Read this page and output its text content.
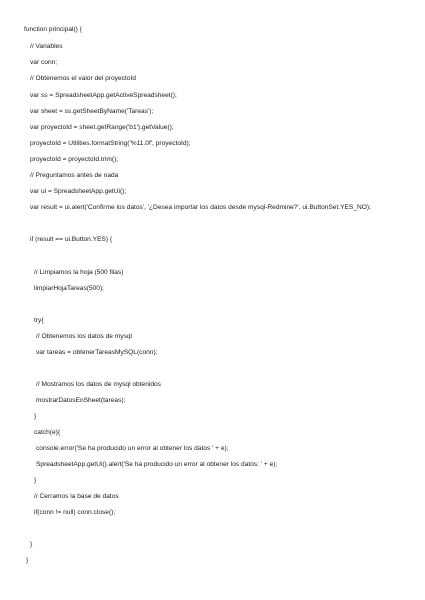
function principal() {
// Variables
var conn;
// Obtenemos el valor del proyectoId
var ss = SpreadsheetApp.getActiveSpreadsheet();
var sheet = ss.getSheetByName('Tareas');
var proyectoId = sheet.getRange('b1').getValue();
proyectoId = Utilities.formatString('%11.0f', proyectoId);
proyectoId = proyectoId.trim();
// Preguntamos antes de nada
var ui = SpreadsheetApp.getUi();
var result = ui.alert('Confirme los datos', '¿Desea importar los datos desde mysql-Redmine?', ui.ButtonSet.YES_NO);
if (result == ui.Button.YES) {
// Limpiamos la hoja (500 filas)
limpiarHojaTareas(500);
try{
// Obtenemos los datos de mysql
var tareas = obtenerTareasMySQL(conn);
// Mostramos los datos de mysql obtenidos
mostrarDatosEnSheet(tareas);
}
catch(e){
console.error('Se ha producido un error al obtener los datos ' + e);
SpreadsheetApp.getUi().alert('Se ha producido un error al obtener los datos: ' + e);
}
// Cerramos la base de datos
if(conn != null) conn.close();
}
}
